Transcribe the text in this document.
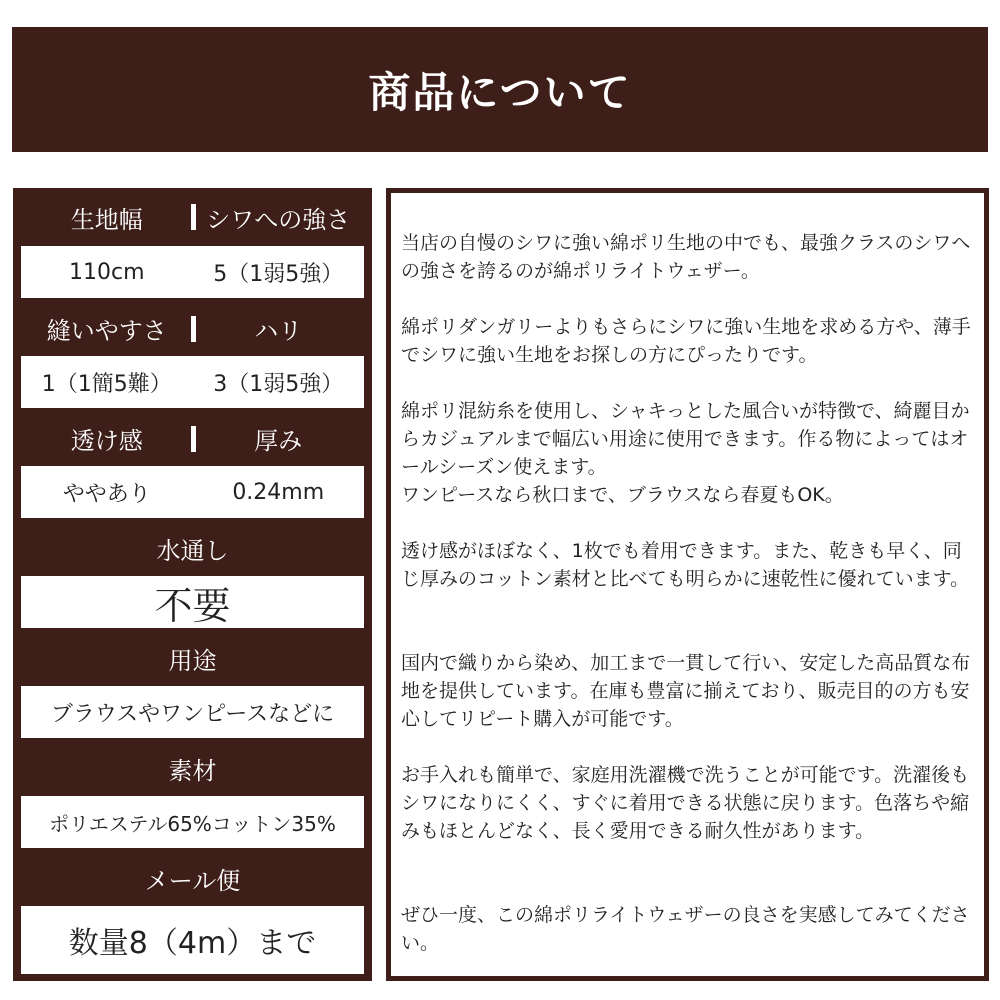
商品について
生地幅	シワへの強さ
110cm	5（1弱5強）
縫いやすさ	ハリ
1（1簡5難）	3（1弱5強）
透け感	厚み
ややあり	0.24mm
水通し
不要
用途
ブラウスやワンピースなどに
素材
ポリエステル65%コットン35%
メール便
数量8（4m）まで

当店の自慢のシワに強い綿ポリ生地の中でも、最強クラスのシワへの強さを誇るのが綿ポリライトウェザー。

綿ポリダンガリーよりもさらにシワに強い生地を求める方や、薄手でシワに強い生地をお探しの方にぴったりです。

綿ポリ混紡糸を使用し、シャキっとした風合いが特徴で、綺麗目からカジュアルまで幅広い用途に使用できます。作る物によってはオールシーズン使えます。
ワンピースなら秋口まで、ブラウスなら春夏もOK。

透け感がほぼなく、1枚でも着用できます。また、乾きも早く、同じ厚みのコットン素材と比べても明らかに速乾性に優れています。

国内で織りから染め、加工まで一貫して行い、安定した高品質な布地を提供しています。在庫も豊富に揃えており、販売目的の方も安心してリピート購入が可能です。

お手入れも簡単で、家庭用洗濯機で洗うことが可能です。洗濯後もシワになりにくく、すぐに着用できる状態に戻ります。色落ちや縮みもほとんどなく、長く愛用できる耐久性があります。

ぜひ一度、この綿ポリライトウェザーの良さを実感してみてください。
